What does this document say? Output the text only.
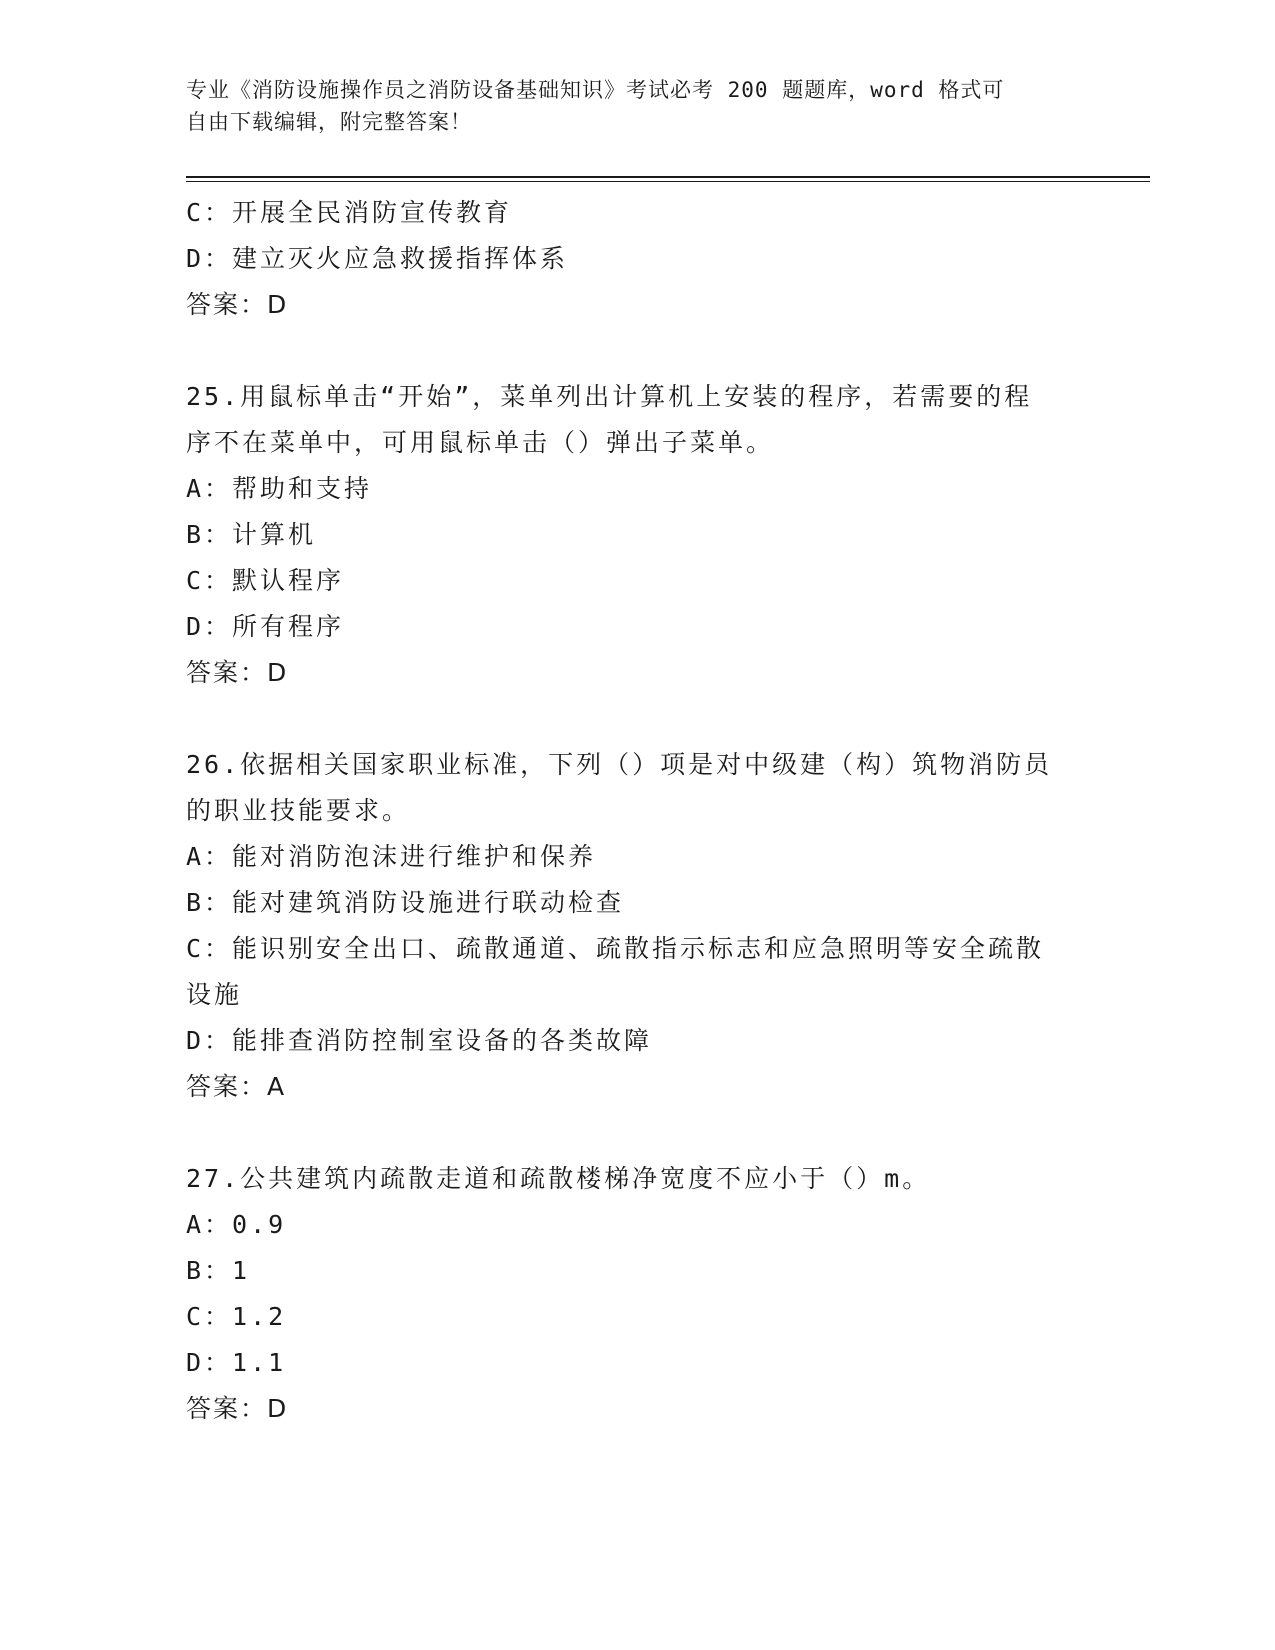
专业《消防设施操作员之消防设备基础知识》考试必考 200 题题库，word 格式可
自由下载编辑，附完整答案！
C：开展全民消防宣传教育
D：建立灭火应急救援指挥体系
答案：D
25.用鼠标单击“开始”，菜单列出计算机上安装的程序，若需要的程
序不在菜单中，可用鼠标单击（）弹出子菜单。
A：帮助和支持
B：计算机
C：默认程序
D：所有程序
答案：D
26.依据相关国家职业标准，下列（）项是对中级建（构）筑物消防员
的职业技能要求。
A：能对消防泡沫进行维护和保养
B：能对建筑消防设施进行联动检查
C：能识别安全出口、疏散通道、疏散指示标志和应急照明等安全疏散
设施
D：能排查消防控制室设备的各类故障
答案：A
27.公共建筑内疏散走道和疏散楼梯净宽度不应小于（）m。
A：0.9
B：1
C：1.2
D：1.1
答案：D
